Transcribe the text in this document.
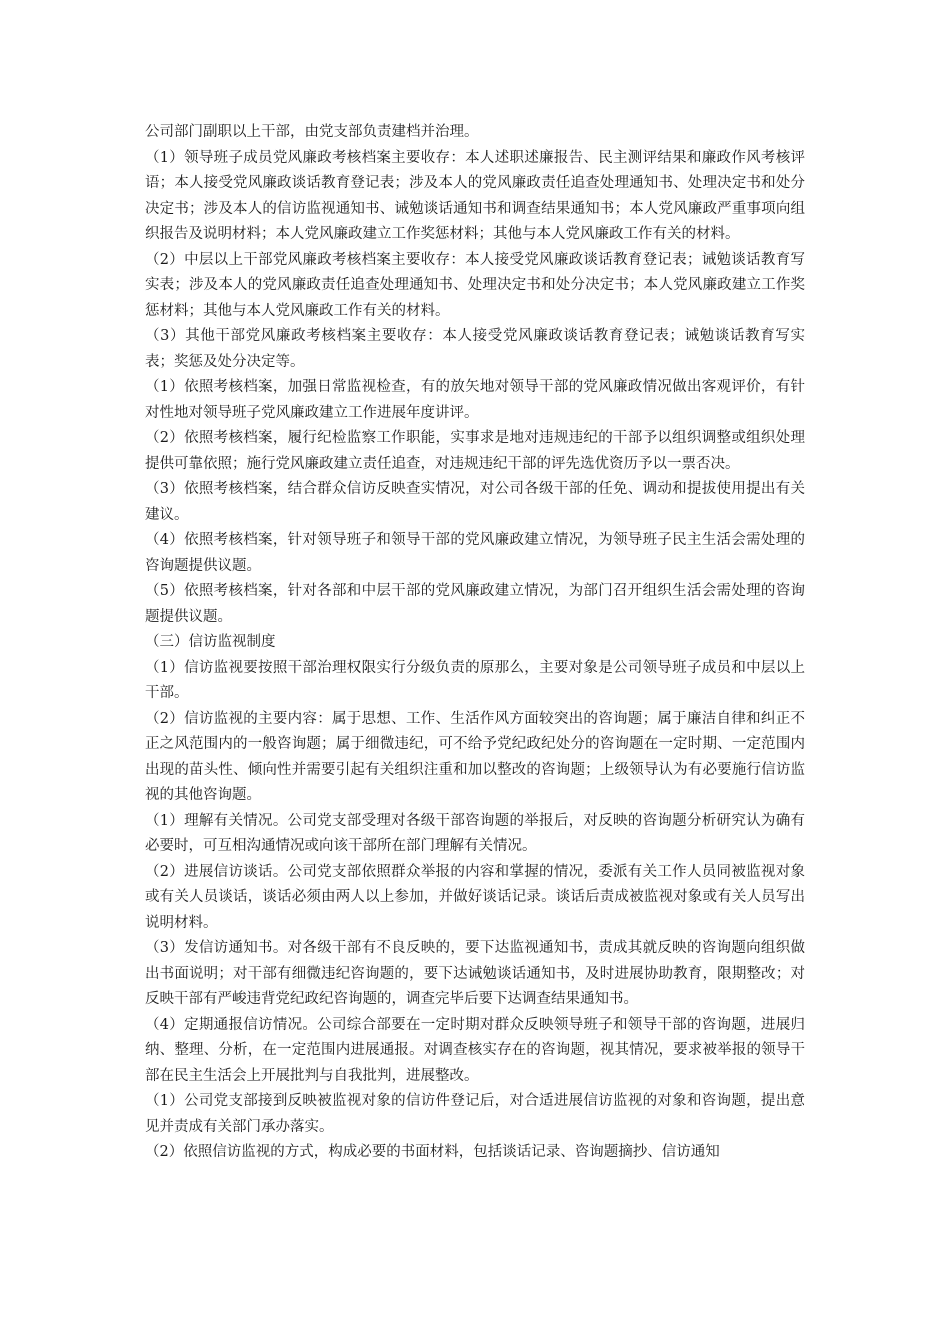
公司部门副职以上干部，由党支部负责建档并治理。

（1）领导班子成员党风廉政考核档案主要收存：本人述职述廉报告、民主测评结果和廉政作风考核评语；本人接受党风廉政谈话教育登记表；涉及本人的党风廉政责任追查处理通知书、处理决定书和处分决定书；涉及本人的信访监视通知书、诫勉谈话通知书和调查结果通知书；本人党风廉政严重事项向组织报告及说明材料；本人党风廉政建立工作奖惩材料；其他与本人党风廉政工作有关的材料。

（2）中层以上干部党风廉政考核档案主要收存：本人接受党风廉政谈话教育登记表；诫勉谈话教育写实表；涉及本人的党风廉政责任追查处理通知书、处理决定书和处分决定书；本人党风廉政建立工作奖惩材料；其他与本人党风廉政工作有关的材料。

（3）其他干部党风廉政考核档案主要收存：本人接受党风廉政谈话教育登记表；诫勉谈话教育写实表；奖惩及处分决定等。

（1）依照考核档案，加强日常监视检查，有的放矢地对领导干部的党风廉政情况做出客观评价，有针对性地对领导班子党风廉政建立工作进展年度讲评。

（2）依照考核档案，履行纪检监察工作职能，实事求是地对违规违纪的干部予以组织调整或组织处理提供可靠依照；施行党风廉政建立责任追查，对违规违纪干部的评先选优资历予以一票否决。

（3）依照考核档案，结合群众信访反映查实情况，对公司各级干部的任免、调动和提拔使用提出有关建议。

（4）依照考核档案，针对领导班子和领导干部的党风廉政建立情况，为领导班子民主生活会需处理的咨询题提供议题。

（5）依照考核档案，针对各部和中层干部的党风廉政建立情况，为部门召开组织生活会需处理的咨询题提供议题。

（三）信访监视制度

（1）信访监视要按照干部治理权限实行分级负责的原那么，主要对象是公司领导班子成员和中层以上干部。

（2）信访监视的主要内容：属于思想、工作、生活作风方面较突出的咨询题；属于廉洁自律和纠正不正之风范围内的一般咨询题；属于细微违纪，可不给予党纪政纪处分的咨询题在一定时期、一定范围内出现的苗头性、倾向性并需要引起有关组织注重和加以整改的咨询题；上级领导认为有必要施行信访监视的其他咨询题。

（1）理解有关情况。公司党支部受理对各级干部咨询题的举报后，对反映的咨询题分析研究认为确有必要时，可互相沟通情况或向该干部所在部门理解有关情况。

（2）进展信访谈话。公司党支部依照群众举报的内容和掌握的情况，委派有关工作人员同被监视对象或有关人员谈话，谈话必须由两人以上参加，并做好谈话记录。谈话后责成被监视对象或有关人员写出说明材料。

（3）发信访通知书。对各级干部有不良反映的，要下达监视通知书，责成其就反映的咨询题向组织做出书面说明；对干部有细微违纪咨询题的，要下达诫勉谈话通知书，及时进展协助教育，限期整改；对反映干部有严峻违背党纪政纪咨询题的，调查完毕后要下达调查结果通知书。

（4）定期通报信访情况。公司综合部要在一定时期对群众反映领导班子和领导干部的咨询题，进展归纳、整理、分析，在一定范围内进展通报。对调查核实存在的咨询题，视其情况，要求被举报的领导干部在民主生活会上开展批判与自我批判，进展整改。

（1）公司党支部接到反映被监视对象的信访件登记后，对合适进展信访监视的对象和咨询题，提出意见并责成有关部门承办落实。

（2）依照信访监视的方式，构成必要的书面材料，包括谈话记录、咨询题摘抄、信访通知
